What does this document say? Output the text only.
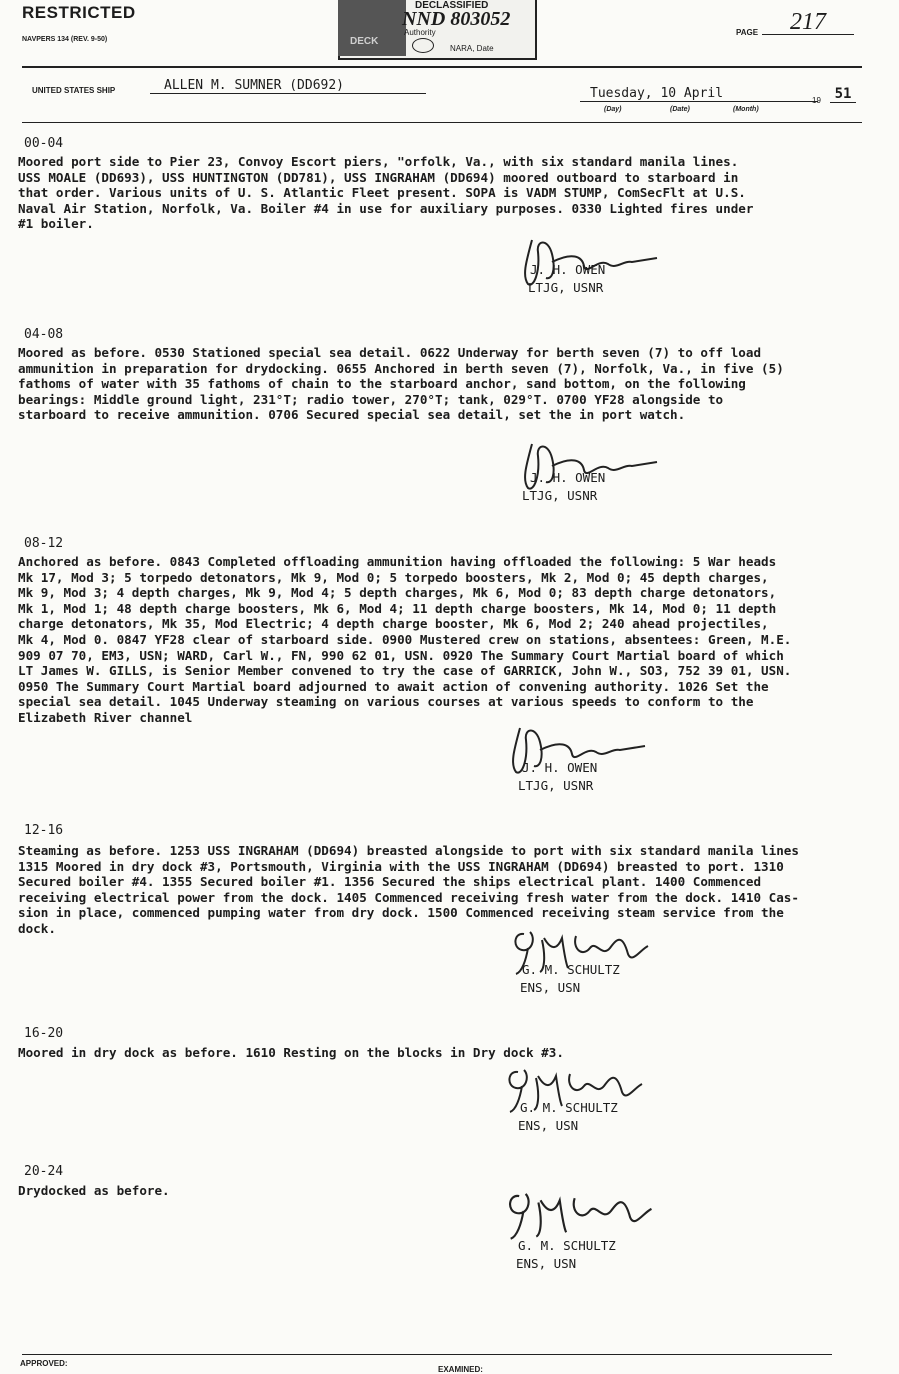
RESTRICTED
NAVPERS 134 (REV. 9-50)	DECK
DECLASSIFIED
NND 803052
Authority
NARA, Date
PAGE	217
UNITED STATES SHIP	ALLEN M. SUMNER (DD692)
Tuesday, 10 April
(Day)	(Date)	(Month)
19 51
00-04
Moored port side to Pier 23, Convoy Escort piers, "orfolk, Va., with six standard manila lines.
USS MOALE (DD693), USS HUNTINGTON (DD781), USS INGRAHAM (DD694) moored outboard to starboard in
that order. Various units of U. S. Atlantic Fleet present. SOPA is VADM STUMP, ComSecFlt at U.S.
Naval Air Station, Norfolk, Va. Boiler #4 in use for auxiliary purposes. 0330 Lighted fires under
#1 boiler.
J. H. OWEN
LTJG, USNR
04-08
Moored as before. 0530 Stationed special sea detail. 0622 Underway for berth seven (7) to off load
ammunition in preparation for drydocking. 0655 Anchored in berth seven (7), Norfolk, Va., in five (5)
fathoms of water with 35 fathoms of chain to the starboard anchor, sand bottom, on the following
bearings: Middle ground light, 231°T; radio tower, 270°T; tank, 029°T. 0700 YF28 alongside to
starboard to receive ammunition. 0706 Secured special sea detail, set the in port watch.
J. H. OWEN
LTJG, USNR
08-12
Anchored as before. 0843 Completed offloading ammunition having offloaded the following: 5 War heads
Mk 17, Mod 3; 5 torpedo detonators, Mk 9, Mod 0; 5 torpedo boosters, Mk 2, Mod 0; 45 depth charges,
Mk 9, Mod 3; 4 depth charges, Mk 9, Mod 4; 5 depth charges, Mk 6, Mod 0; 83 depth charge detonators,
Mk 1, Mod 1; 48 depth charge boosters, Mk 6, Mod 4; 11 depth charge boosters, Mk 14, Mod 0; 11 depth
charge detonators, Mk 35, Mod Electric; 4 depth charge booster, Mk 6, Mod 2; 240 ahead projectiles,
Mk 4, Mod 0. 0847 YF28 clear of starboard side. 0900 Mustered crew on stations, absentees: Green, M.E.
909 07 70, EM3, USN; WARD, Carl W., FN, 990 62 01, USN. 0920 The Summary Court Martial board of which
LT James W. GILLS, is Senior Member convened to try the case of GARRICK, John W., SO3, 752 39 01, USN.
0950 The Summary Court Martial board adjourned to await action of convening authority. 1026 Set the
special sea detail. 1045 Underway steaming on various courses at various speeds to conform to the
Elizabeth River channel
J. H. OWEN
LTJG, USNR
12-16
Steaming as before. 1253 USS INGRAHAM (DD694) breasted alongside to port with six standard manila lines
1315 Moored in dry dock #3, Portsmouth, Virginia with the USS INGRAHAM (DD694) breasted to port. 1310
Secured boiler #4. 1355 Secured boiler #1. 1356 Secured the ships electrical plant. 1400 Commenced
receiving electrical power from the dock. 1405 Commenced receiving fresh water from the dock. 1410 Cas-
sion in place, commenced pumping water from dry dock. 1500 Commenced receiving steam service from the
dock.
G. M. SCHULTZ
ENS, USN
16-20
Moored in dry dock as before. 1610 Resting on the blocks in Dry dock #3.
G. M. SCHULTZ
ENS, USN
20-24
Drydocked as before.
G. M. SCHULTZ
ENS, USN
APPROVED:
EXAMINED:
